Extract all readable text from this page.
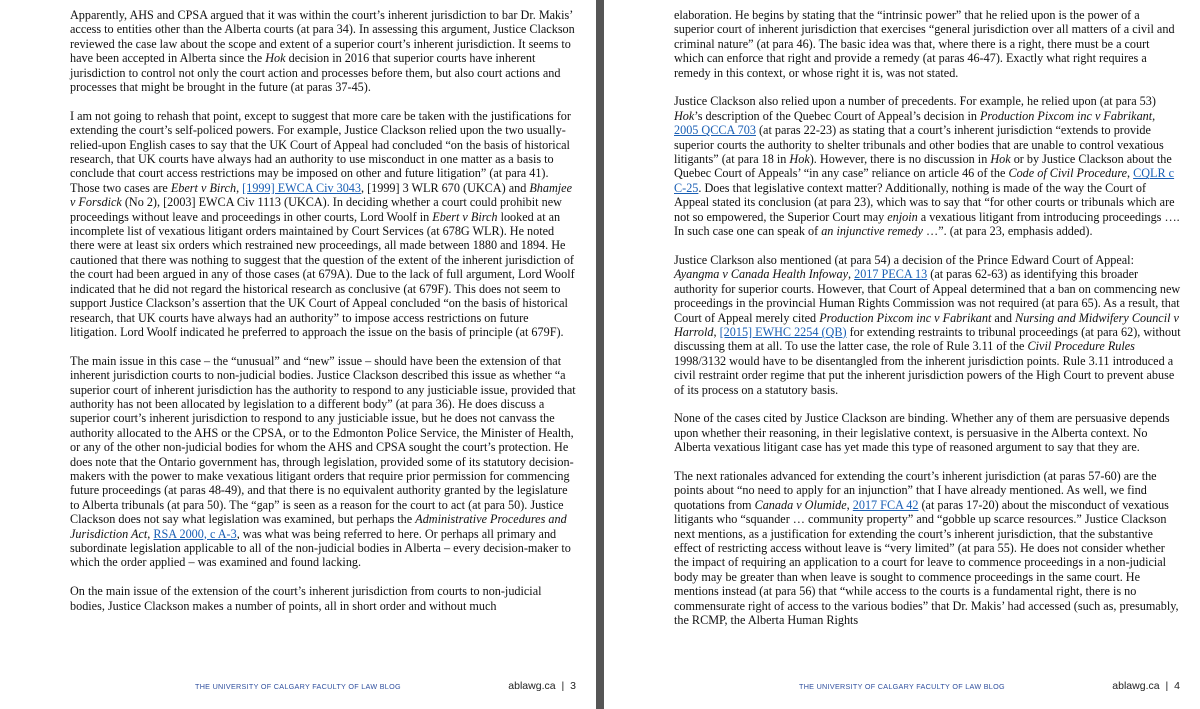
Apparently, AHS and CPSA argued that it was within the court’s inherent jurisdiction to bar Dr. Makis’ access to entities other than the Alberta courts (at para 34). In assessing this argument, Justice Clackson reviewed the case law about the scope and extent of a superior court’s inherent jurisdiction. It seems to have been accepted in Alberta since the Hok decision in 2016 that superior courts have inherent jurisdiction to control not only the court action and processes before them, but also court actions and processes that might be brought in the future (at paras 37-45).

I am not going to rehash that point, except to suggest that more care be taken with the justifications for extending the court’s self-policed powers. For example, Justice Clackson relied upon the two usually-relied-upon English cases to say that the UK Court of Appeal had concluded “on the basis of historical research, that UK courts have always had an authority to use misconduct in one matter as a basis to conclude that court access restrictions may be imposed on other and future litigation” (at para 41). Those two cases are Ebert v Birch, [1999] EWCA Civ 3043, [1999] 3 WLR 670 (UKCA) and Bhamjee v Forsdick (No 2), [2003] EWCA Civ 1113 (UKCA). In deciding whether a court could prohibit new proceedings without leave and proceedings in other courts, Lord Woolf in Ebert v Birch looked at an incomplete list of vexatious litigant orders maintained by Court Services (at 678G WLR). He noted there were at least six orders which restrained new proceedings, all made between 1880 and 1894. He cautioned that there was nothing to suggest that the question of the extent of the inherent jurisdiction of the court had been argued in any of those cases (at 679A). Due to the lack of full argument, Lord Woolf indicated that he did not regard the historical research as conclusive (at 679F). This does not seem to support Justice Clackson’s assertion that the UK Court of Appeal concluded “on the basis of historical research, that UK courts have always had an authority” to impose access restrictions on future litigation. Lord Woolf indicated he preferred to approach the issue on the basis of principle (at 679F).

The main issue in this case – the “unusual” and “new” issue – should have been the extension of that inherent jurisdiction courts to non-judicial bodies. Justice Clackson described this issue as whether “a superior court of inherent jurisdiction has the authority to respond to any justiciable issue, provided that authority has not been allocated by legislation to a different body” (at para 36). He does discuss a superior court’s inherent jurisdiction to respond to any justiciable issue, but he does not canvass the authority allocated to the AHS or the CPSA, or to the Edmonton Police Service, the Minister of Health, or any of the other non-judicial bodies for whom the AHS and CPSA sought the court’s protection. He does note that the Ontario government has, through legislation, provided some of its statutory decision-makers with the power to make vexatious litigant orders that require prior permission for commencing future proceedings (at paras 48-49), and that there is no equivalent authority granted by the legislature to Alberta tribunals (at para 50). The “gap” is seen as a reason for the court to act (at para 50). Justice Clackson does not say what legislation was examined, but perhaps the Administrative Procedures and Jurisdiction Act, RSA 2000, c A-3, was what was being referred to here. Or perhaps all primary and subordinate legislation applicable to all of the non-judicial bodies in Alberta – every decision-maker to which the order applied – was examined and found lacking.

On the main issue of the extension of the court’s inherent jurisdiction from courts to non-judicial bodies, Justice Clackson makes a number of points, all in short order and without much

THE UNIVERSITY OF CALGARY FACULTY OF LAW BLOG	ablawg.ca | 3

elaboration. He begins by stating that the “intrinsic power” that he relied upon is the power of a superior court of inherent jurisdiction that exercises “general jurisdiction over all matters of a civil and criminal nature” (at para 46). The basic idea was that, where there is a right, there must be a court which can enforce that right and provide a remedy (at paras 46-47). Exactly what right requires a remedy in this context, or whose right it is, was not stated.

Justice Clackson also relied upon a number of precedents. For example, he relied upon (at para 53) Hok’s description of the Quebec Court of Appeal’s decision in Production Pixcom inc v Fabrikant, 2005 QCCA 703 (at paras 22-23) as stating that a court’s inherent jurisdiction “extends to provide superior courts the authority to shelter tribunals and other bodies that are unable to control vexatious litigants” (at para 18 in Hok). However, there is no discussion in Hok or by Justice Clackson about the Quebec Court of Appeals’ “in any case” reliance on article 46 of the Code of Civil Procedure, CQLR c C-25. Does that legislative context matter? Additionally, nothing is made of the way the Court of Appeal stated its conclusion (at para 23), which was to say that “for other courts or tribunals which are not so empowered, the Superior Court may enjoin a vexatious litigant from introducing proceedings …. In such case one can speak of an injunctive remedy …”. (at para 23, emphasis added).

Justice Clarkson also mentioned (at para 54) a decision of the Prince Edward Court of Appeal: Ayangma v Canada Health Infoway, 2017 PECA 13 (at paras 62-63) as identifying this broader authority for superior courts. However, that Court of Appeal determined that a ban on commencing new proceedings in the provincial Human Rights Commission was not required (at para 65). As a result, that Court of Appeal merely cited Production Pixcom inc v Fabrikant and Nursing and Midwifery Council v Harrold, [2015] EWHC 2254 (QB) for extending restraints to tribunal proceedings (at para 62), without discussing them at all. To use the latter case, the role of Rule 3.11 of the Civil Procedure Rules 1998/3132 would have to be disentangled from the inherent jurisdiction points. Rule 3.11 introduced a civil restraint order regime that put the inherent jurisdiction powers of the High Court to prevent abuse of its process on a statutory basis.

None of the cases cited by Justice Clackson are binding. Whether any of them are persuasive depends upon whether their reasoning, in their legislative context, is persuasive in the Alberta context. No Alberta vexatious litigant case has yet made this type of reasoned argument to say that they are.

The next rationales advanced for extending the court’s inherent jurisdiction (at paras 57-60) are the points about “no need to apply for an injunction” that I have already mentioned. As well, we find quotations from Canada v Olumide, 2017 FCA 42 (at paras 17-20) about the misconduct of vexatious litigants who “squander … community property” and “gobble up scarce resources.” Justice Clackson next mentions, as a justification for extending the court’s inherent jurisdiction, that the substantive effect of restricting access without leave is “very limited” (at para 55). He does not consider whether the impact of requiring an application to a court for leave to commence proceedings in a non-judicial body may be greater than when leave is sought to commence proceedings in the same court. He mentions instead (at para 56) that “while access to the courts is a fundamental right, there is no commensurate right of access to the various bodies” that Dr. Makis’ had accessed (such as, presumably, the RCMP, the Alberta Human Rights

THE UNIVERSITY OF CALGARY FACULTY OF LAW BLOG	ablawg.ca | 4
